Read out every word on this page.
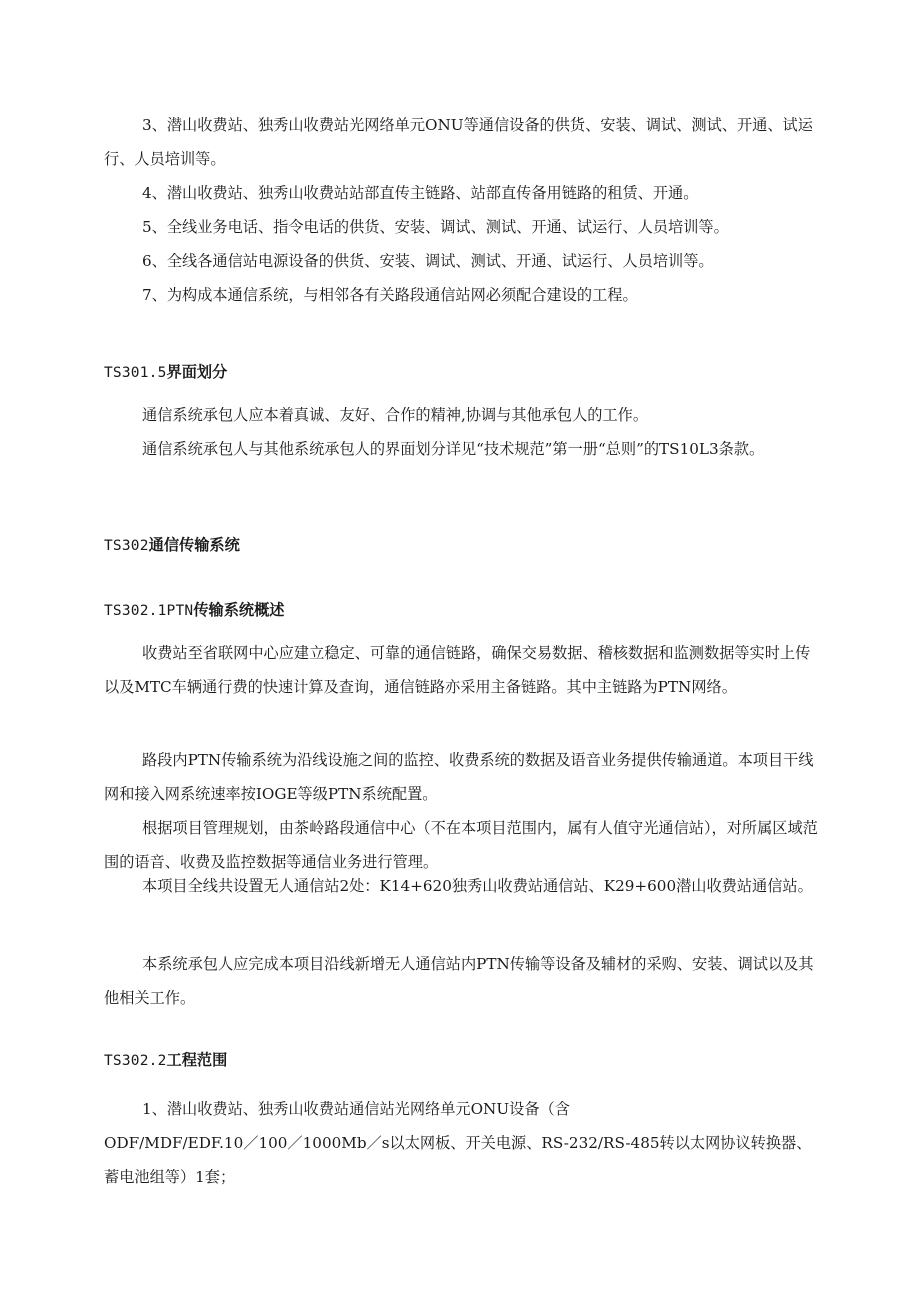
3、潜山收费站、独秀山收费站光网络单元ONU等通信设备的供货、安装、调试、测试、开通、试运行、人员培训等。

4、潜山收费站、独秀山收费站站部直传主链路、站部直传备用链路的租赁、开通。

5、全线业务电话、指令电话的供货、安装、调试、测试、开通、试运行、人员培训等。

6、全线各通信站电源设备的供货、安装、调试、测试、开通、试运行、人员培训等。

7、为构成本通信系统，与相邻各有关路段通信站网必须配合建设的工程。

TS301.5界面划分

通信系统承包人应本着真诚、友好、合作的精神,协调与其他承包人的工作。

通信系统承包人与其他系统承包人的界面划分详见“技术规范”第一册“总则”的TS10L3条款。

TS302通信传输系统
TS302.1PTN传输系统概述

收费站至省联网中心应建立稳定、可靠的通信链路，确保交易数据、稽核数据和监测数据等实时上传以及MTC车辆通行费的快速计算及查询，通信链路亦采用主备链路。其中主链路为PTN网络。

路段内PTN传输系统为沿线设施之间的监控、收费系统的数据及语音业务提供传输通道。本项目干线网和接入网系统速率按IOGE等级PTN系统配置。

根据项目管理规划，由茶岭路段通信中心（不在本项目范围内，属有人值守光通信站），对所属区域范围的语音、收费及监控数据等通信业务进行管理。

本项目全线共设置无人通信站2处：K14+620独秀山收费站通信站、K29+600潜山收费站通信站。

本系统承包人应完成本项目沿线新增无人通信站内PTN传输等设备及辅材的采购、安装、调试以及其他相关工作。

TS302.2工程范围

1、潜山收费站、独秀山收费站通信站光网络单元ONU设备（含

ODF/MDF/EDF.10／100／1000Mb／s以太网板、开关电源、RS-232/RS-485转以太网协议转换器、蓄电池组等）1套；
